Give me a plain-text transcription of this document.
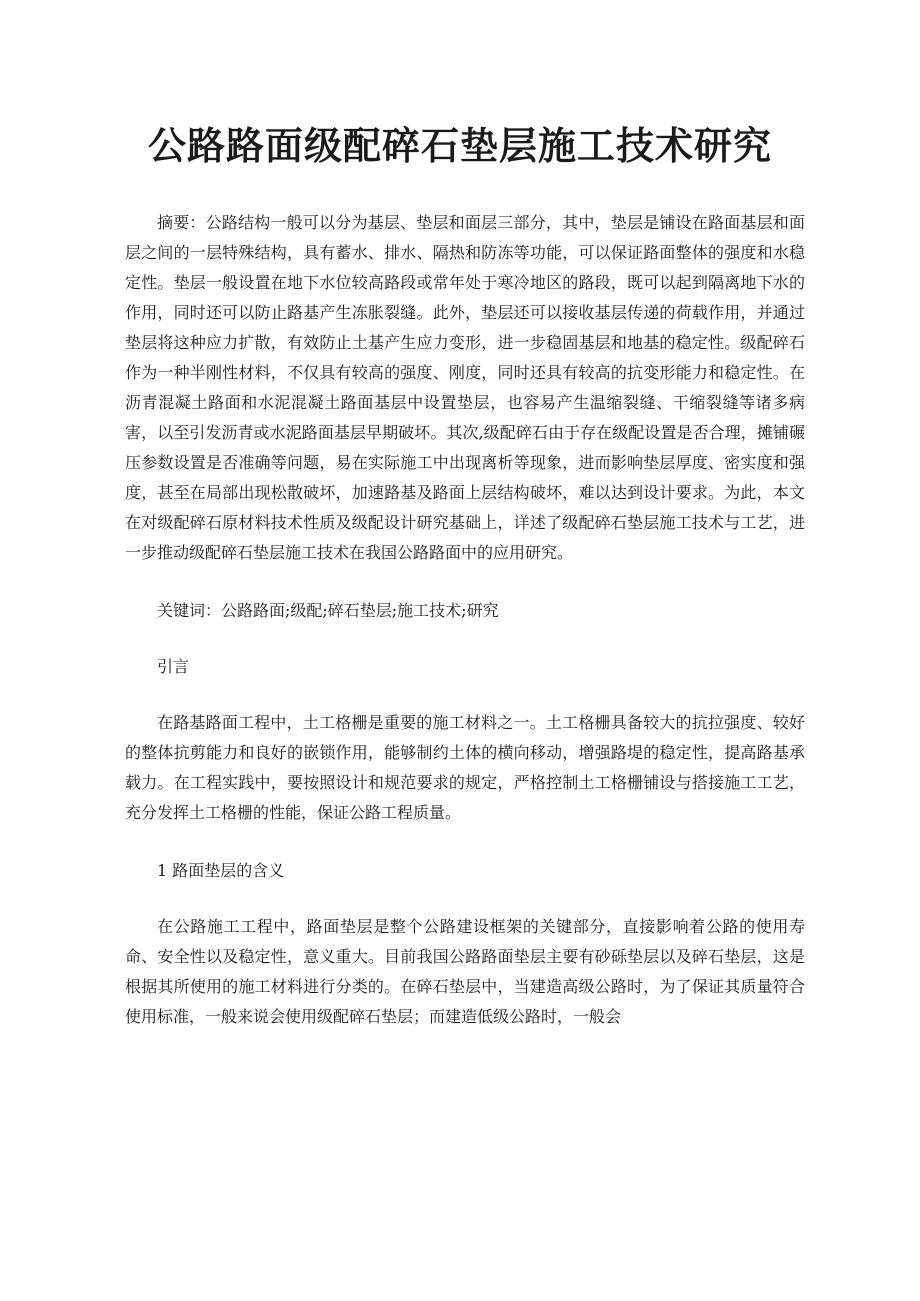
公路路面级配碎石垫层施工技术研究

摘要：公路结构一般可以分为基层、垫层和面层三部分，其中，垫层是铺设在路面基层和面层之间的一层特殊结构，具有蓄水、排水、隔热和防冻等功能，可以保证路面整体的强度和水稳定性。垫层一般设置在地下水位较高路段或常年处于寒冷地区的路段，既可以起到隔离地下水的作用，同时还可以防止路基产生冻胀裂缝。此外，垫层还可以接收基层传递的荷载作用，并通过垫层将这种应力扩散，有效防止土基产生应力变形，进一步稳固基层和地基的稳定性。级配碎石作为一种半刚性材料，不仅具有较高的强度、刚度，同时还具有较高的抗变形能力和稳定性。在沥青混凝土路面和水泥混凝土路面基层中设置垫层，也容易产生温缩裂缝、干缩裂缝等诸多病害，以至引发沥青或水泥路面基层早期破坏。其次,级配碎石由于存在级配设置是否合理，摊铺碾压参数设置是否准确等问题，易在实际施工中出现离析等现象，进而影响垫层厚度、密实度和强度，甚至在局部出现松散破坏，加速路基及路面上层结构破坏，难以达到设计要求。为此，本文在对级配碎石原材料技术性质及级配设计研究基础上，详述了级配碎石垫层施工技术与工艺，进一步推动级配碎石垫层施工技术在我国公路路面中的应用研究。

关键词：公路路面;级配;碎石垫层;施工技术;研究

引言

在路基路面工程中，土工格栅是重要的施工材料之一。土工格栅具备较大的抗拉强度、较好的整体抗剪能力和良好的嵌锁作用，能够制约土体的横向移动，增强路堤的稳定性，提高路基承载力。在工程实践中，要按照设计和规范要求的规定，严格控制土工格栅铺设与搭接施工工艺，充分发挥土工格栅的性能，保证公路工程质量。

1 路面垫层的含义

在公路施工工程中，路面垫层是整个公路建设框架的关键部分，直接影响着公路的使用寿命、安全性以及稳定性，意义重大。目前我国公路路面垫层主要有砂砾垫层以及碎石垫层，这是根据其所使用的施工材料进行分类的。在碎石垫层中，当建造高级公路时，为了保证其质量符合使用标准，一般来说会使用级配碎石垫层；而建造低级公路时，一般会
